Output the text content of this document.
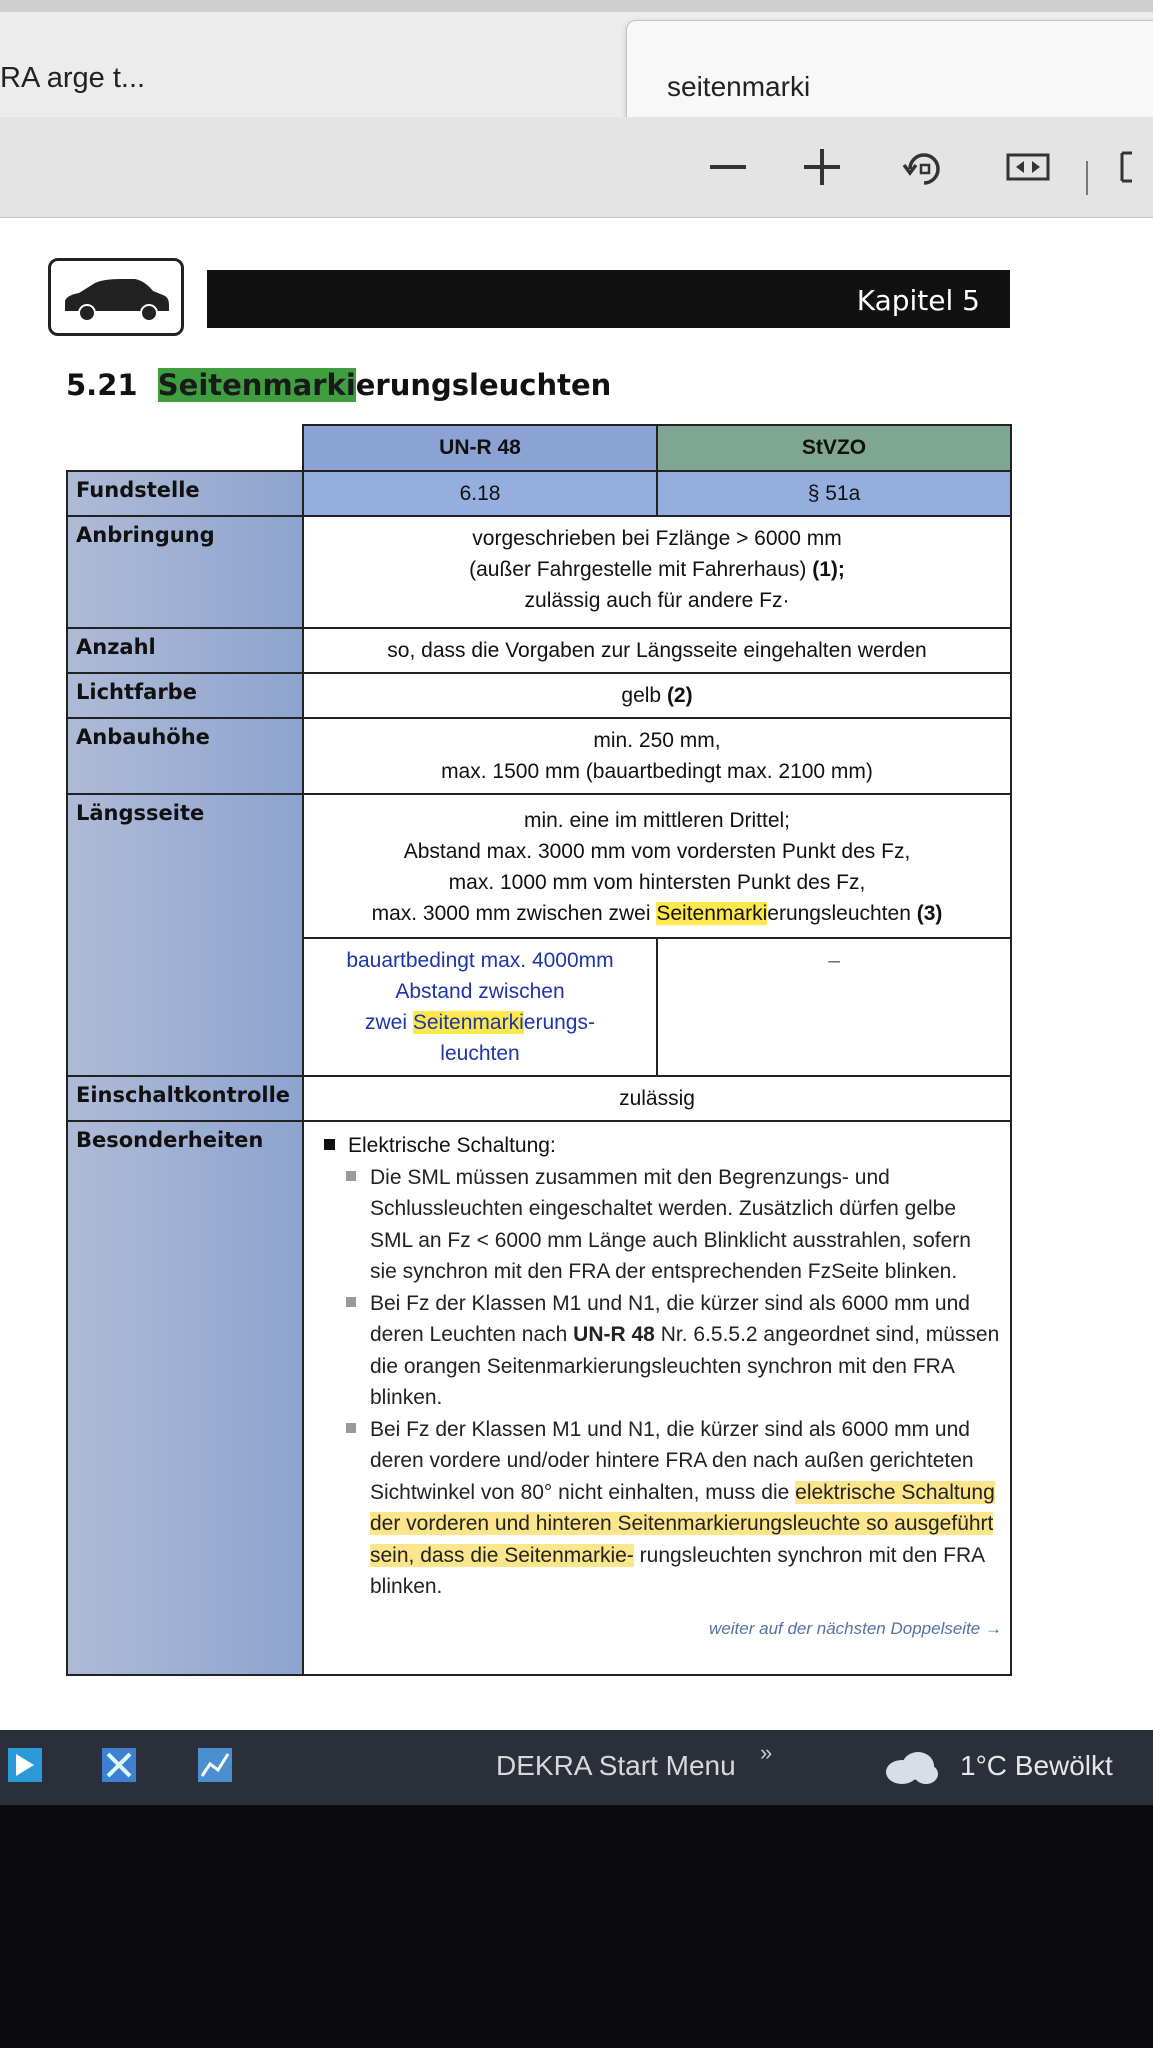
RA arge t...	seitenmarki
Kapitel 5
5.21 Seitenmarkierungsleuchten
	UN-R 48	StVZO
Fundstelle	6.18	§ 51a
Anbringung	vorgeschrieben bei Fzlänge > 6000 mm
(außer Fahrgestelle mit Fahrerhaus) (1);
zulässig auch für andere Fz·	

Anzahl	so, dass die Vorgaben zur Längsseite eingehalten werden	
Lichtfarbe	gelb (2)	
Anbauhöhe	min. 250 mm,
max. 1500 mm (bauartbedingt max. 2100 mm)	

Längsseite	min. eine im mittleren Drittel;
Abstand max. 3000 mm vom vordersten Punkt des Fz,
max. 1000 mm vom hintersten Punkt des Fz,
max. 3000 mm zwischen zwei Seitenmarkierungsleuchten (3)	

	bauartbedingt max. 4000mm
Abstand zwischen
zwei Seitenmarkierungs-
leuchten	–
Einschaltkontrolle	zulässig	
Besonderheiten	Elektrische Schaltung:
Die SML müssen zusammen mit den Begrenzungs- und Schlussleuchten eingeschaltet werden. Zusätzlich dürfen gelbe SML an Fz < 6000 mm Länge auch Blinklicht ausstrahlen, sofern sie synchron mit den FRA der entsprechenden FzSeite blinken.
Bei Fz der Klassen M1 und N1, die kürzer sind als 6000 mm und deren Leuchten nach UN-R 48 Nr. 6.5.5.2 angeordnet sind, müssen die orangen Seitenmarkierungsleuchten synchron mit den FRA blinken.
Bei Fz der Klassen M1 und N1, die kürzer sind als 6000 mm und deren vordere und/oder hintere FRA den nach außen gerichteten Sichtwinkel von 80° nicht einhalten, muss die elektrische Schaltung der vorderen und hinteren Seitenmarkierungsleuchte so ausgeführt sein, dass die Seitenmarkie- rungsleuchten synchron mit den FRA blinken.
weiter auf der nächsten Doppelseite →	
DEKRA Start Menu »	1°C Bewölkt
